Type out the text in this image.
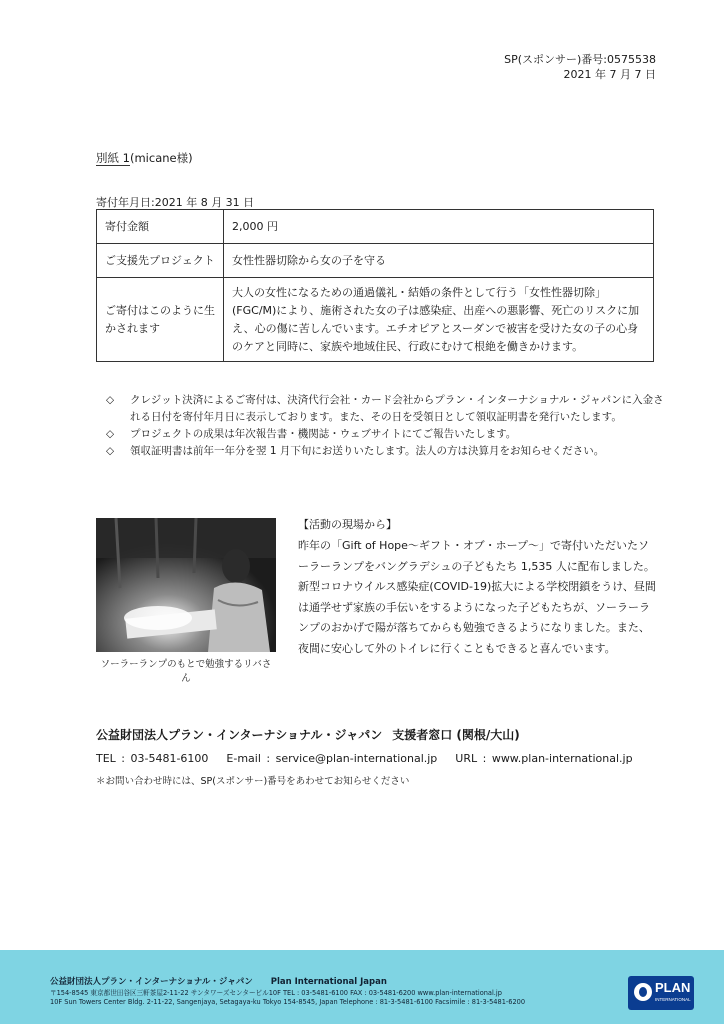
SP(スポンサー)番号:0575538
2021 年 7 月 7 日
別紙 1(micane様)
寄付年月日:2021 年 8 月 31 日
寄付金額	2,000 円
ご支援先プロジェクト	女性性器切除から女の子を守る
ご寄付はこのように生かされます	大人の女性になるための通過儀礼・結婚の条件として行う「女性性器切除」(FGC/M)により、施術された女の子は感染症、出産への悪影響、死亡のリスクに加え、心の傷に苦しんでいます。エチオピアとスーダンで被害を受けた女の子の心身のケアと同時に、家族や地域住民、行政にむけて根絶を働きかけます。
◇	クレジット決済によるご寄付は、決済代行会社・カード会社からプラン・インターナショナル・ジャパンに入金される日付を寄付年月日に表示しております。また、その日を受領日として領収証明書を発行いたします。
◇	プロジェクトの成果は年次報告書・機関誌・ウェブサイトにてご報告いたします。
◇	領収証明書は前年一年分を翌 1 月下旬にお送りいたします。法人の方は決算月をお知らせください。
ソーラーランプのもとで勉強するリバさん
【活動の現場から】
昨年の「Gift of Hope～ギフト・オブ・ホープ～」で寄付いただいたソーラーランプをバングラデシュの子どもたち 1,535 人に配布しました。新型コロナウイルス感染症(COVID-19)拡大による学校閉鎖をうけ、昼間は通学せず家族の手伝いをするようになった子どもたちが、ソーラーランプのおかげで陽が落ちてからも勉強できるようになりました。また、夜間に安心して外のトイレに行くこともできると喜んでいます。
公益財団法人プラン・インターナショナル・ジャパン 支援者窓口 (関根/大山)
TEL : 03-5481-6100 E-mail : service@plan-international.jp URL : www.plan-international.jp
＊お問い合わせ時には、SP(スポンサー)番号をあわせてお知らせください
公益財団法人プラン・インターナショナル・ジャパン Plan International Japan
〒154-8545 東京都世田谷区三軒茶屋2-11-22 サンタワーズセンタービル10F TEL : 03-5481-6100 FAX : 03-5481-6200 www.plan-international.jp
10F Sun Towers Center Bldg. 2-11-22, Sangenjaya, Setagaya-ku Tokyo 154-8545, Japan Telephone : 81-3-5481-6100 Facsimile : 81-3-5481-6200
PLAN
INTERNATIONAL
